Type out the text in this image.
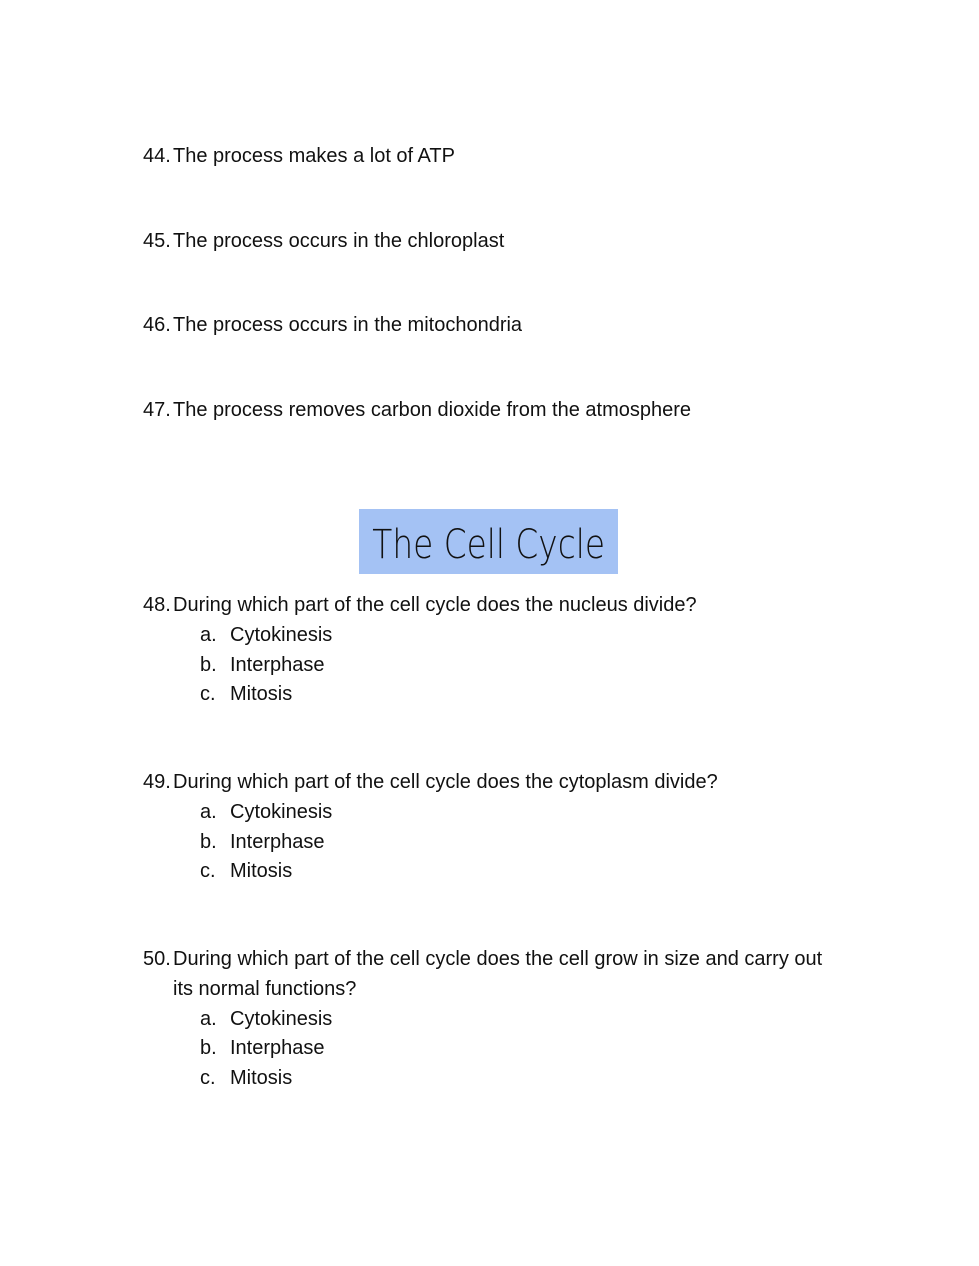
44. The process makes a lot of ATP
45. The process occurs in the chloroplast
46. The process occurs in the mitochondria
47. The process removes carbon dioxide from the atmosphere
The Cell Cycle
48. During which part of the cell cycle does the nucleus divide?
a. Cytokinesis
b. Interphase
c. Mitosis
49. During which part of the cell cycle does the cytoplasm divide?
a. Cytokinesis
b. Interphase
c. Mitosis
50. During which part of the cell cycle does the cell grow in size and carry out
its normal functions?
a. Cytokinesis
b. Interphase
c. Mitosis
